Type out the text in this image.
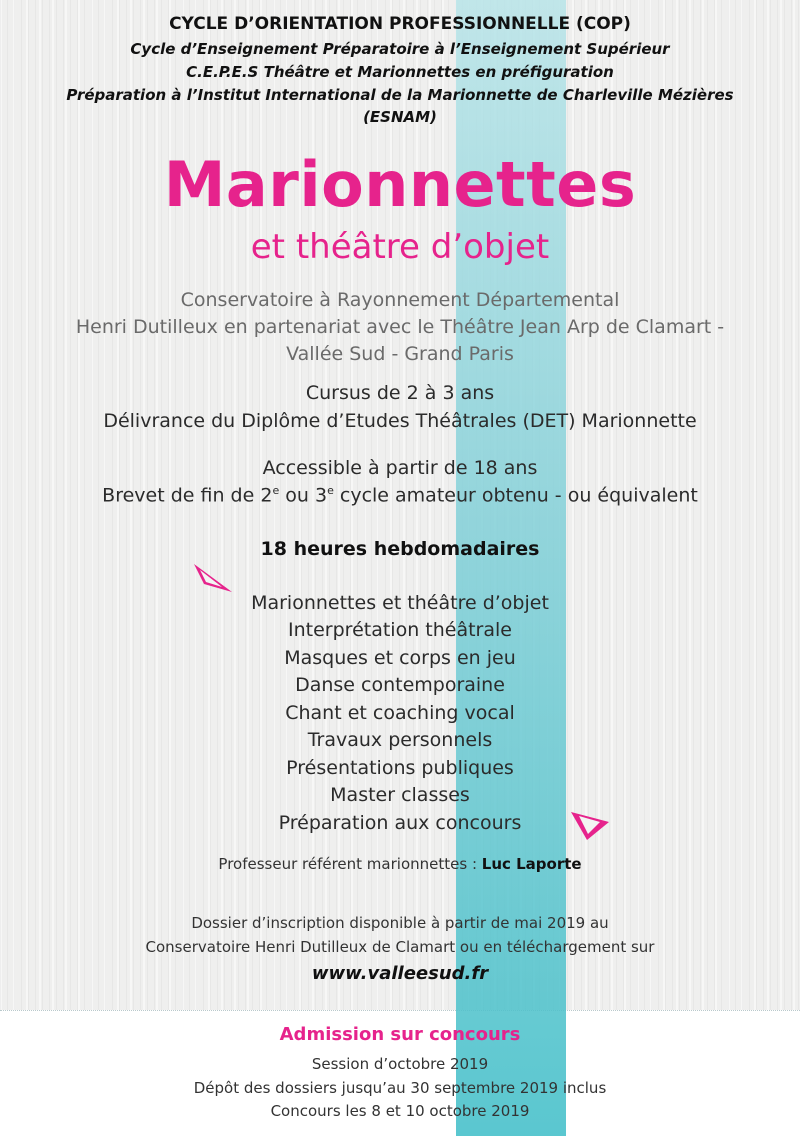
CYCLE D’ORIENTATION PROFESSIONNELLE (COP)
Cycle d’Enseignement Préparatoire à l’Enseignement Supérieur
C.E.P.E.S Théâtre et Marionnettes en préfiguration
Préparation à l’Institut International de la Marionnette de Charleville Mézières
(ESNAM)
Marionnettes
et théâtre d’objet
Conservatoire à Rayonnement Départemental
Henri Dutilleux en partenariat avec le Théâtre Jean Arp de Clamart -
Vallée Sud - Grand Paris
Cursus de 2 à 3 ans
Délivrance du Diplôme d’Etudes Théâtrales (DET) Marionnette
Accessible à partir de 18 ans
Brevet de fin de 2e ou 3e cycle amateur obtenu - ou équivalent
18 heures hebdomadaires
Marionnettes et théâtre d’objet
Interprétation théâtrale
Masques et corps en jeu
Danse contemporaine
Chant et coaching vocal
Travaux personnels
Présentations publiques
Master classes
Préparation aux concours
Professeur référent marionnettes : Luc Laporte
Dossier d’inscription disponible à partir de mai 2019 au
Conservatoire Henri Dutilleux de Clamart ou en téléchargement sur
www.valleesud.fr
Admission sur concours
Session d’octobre 2019
Dépôt des dossiers jusqu’au 30 septembre 2019 inclus
Concours les 8 et 10 octobre 2019
